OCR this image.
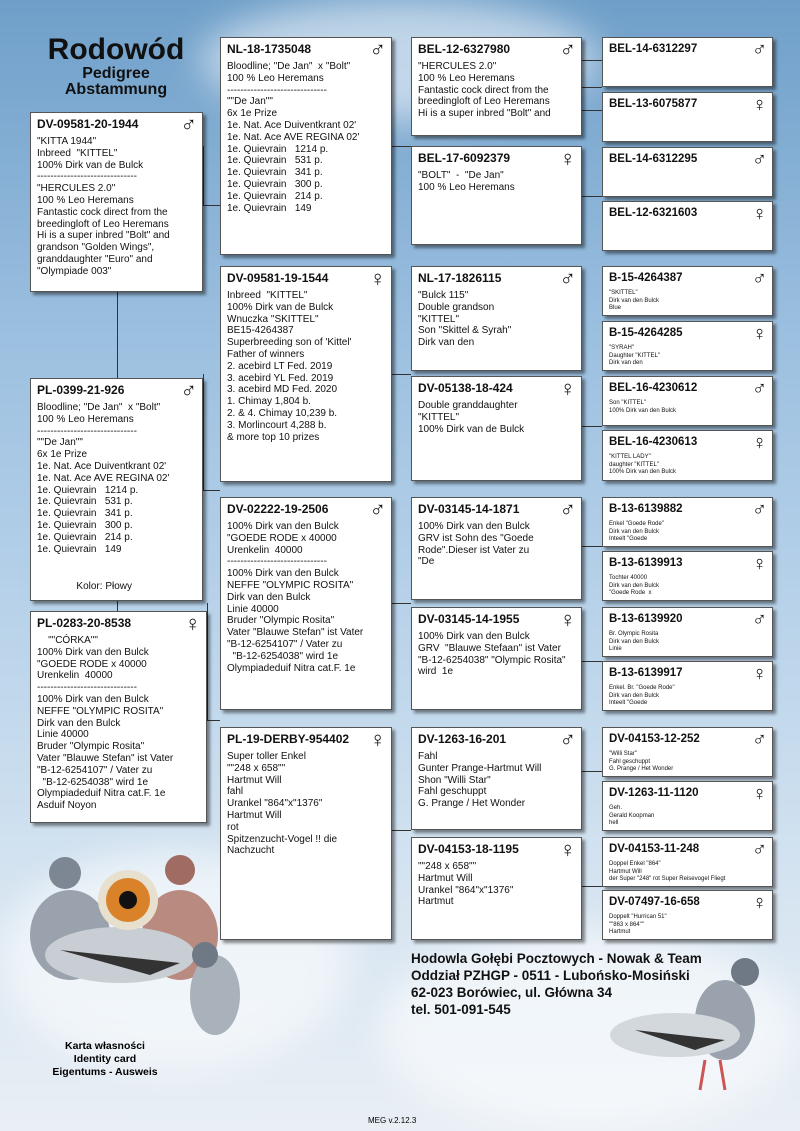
Rodowód
Pedigree
Abstammung
DV-09581-20-1944	♂
"KITTA 1944"
Inbreed  "KITTEL"
100% Dirk van de Bulck
------------------------------
"HERCULES 2.0"
100 % Leo Heremans
Fantastic cock direct from the
breedingloft of Leo Heremans
Hi is a super inbred "Bolt" and
grandson "Golden Wings",
granddaughter "Euro" and
"Olympiade 003"
PL-0399-21-926	♂
Bloodline; "De Jan"  x "Bolt"
100 % Leo Heremans
------------------------------
""De Jan""
6x 1e Prize
1e. Nat. Ace Duiventkrant 02'
1e. Nat. Ace AVE REGINA 02'
1e. Quievrain   1214 p.
1e. Quievrain   531 p.
1e. Quievrain   341 p.
1e. Quievrain   300 p.
1e. Quievrain   214 p.
1e. Quievrain   149
Kolor: Płowy
PL-0283-20-8538	♀
""CÓRKA""
100% Dirk van den Bulck
"GOEDE RODE x 40000
Urenkelin  40000
------------------------------
100% Dirk van den Bulck
NEFFE "OLYMPIC ROSITA"
Dirk van den Bulck
Linie 40000
Bruder "Olympic Rosita"
Vater "Blauwe Stefan" ist Vater
"B-12-6254107" / Vater zu
"B-12-6254038" wird 1e
Olympiadeduif Nitra cat.F. 1e
Asduif Noyon
NL-18-1735048	♂
Bloodline; "De Jan"  x "Bolt"
100 % Leo Heremans
------------------------------
""De Jan""
6x 1e Prize
1e. Nat. Ace Duiventkrant 02'
1e. Nat. Ace AVE REGINA 02'
1e. Quievrain   1214 p.
1e. Quievrain   531 p.
1e. Quievrain   341 p.
1e. Quievrain   300 p.
1e. Quievrain   214 p.
1e. Quievrain   149
DV-09581-19-1544	♀
Inbreed  "KITTEL"
100% Dirk van de Bulck
Wnuczka "SKITTEL"
BE15-4264387
Superbreeding son of 'Kittel'
Father of winners
2. acebird LT Fed. 2019
3. acebird YL Fed. 2019
3. acebird MD Fed. 2020
1. Chimay 1,804 b.
2. & 4. Chimay 10,239 b.
3. Morlincourt 4,288 b.
& more top 10 prizes
DV-02222-19-2506	♂
100% Dirk van den Bulck
"GOEDE RODE x 40000
Urenkelin  40000
------------------------------
100% Dirk van den Bulck
NEFFE "OLYMPIC ROSITA"
Dirk van den Bulck
Linie 40000
Bruder "Olympic Rosita"
Vater "Blauwe Stefan" ist Vater
"B-12-6254107" / Vater zu
"B-12-6254038" wird 1e
Olympiadeduif Nitra cat.F. 1e
PL-19-DERBY-954402 ♀
Super toller Enkel
""248 x 658""
Hartmut Will
fahl
Urankel "864"x"1376"
Hartmut Will
rot
Spitzenzucht-Vogel !! die
Nachzucht
BEL-12-6327980	♂
"HERCULES 2.0"
100 % Leo Heremans
Fantastic cock direct from the
breedingloft of Leo Heremans
Hi is a super inbred "Bolt" and
BEL-17-6092379	♀
"BOLT"  -  "De Jan"
100 % Leo Heremans
NL-17-1826115	♂
"Bulck 115"
Double grandson
"KITTEL"
Son "Skittel & Syrah"
Dirk van den
DV-05138-18-424	♀
Double granddaughter
"KITTEL"
100% Dirk van de Bulck
DV-03145-14-1871	♂
100% Dirk van den Bulck
GRV ist Sohn des "Goede
Rode".Dieser ist Vater zu
"De
DV-03145-14-1955	♀
100% Dirk van den Bulck
GRV  "Blauwe Stefaan" ist Vater
"B-12-6254038" "Olympic Rosita"
wird  1e
DV-1263-16-201	♂
Fahl
Gunter Prange-Hartmut Will
Shon "Willi Star"
Fahl geschuppt
G. Prange / Het Wonder
DV-04153-18-1195	♀
""248 x 658""
Hartmut Will
Urankel "864"x"1376"
Hartmut
BEL-14-6312297	♂
BEL-13-6075877	♀
BEL-14-6312295	♂
BEL-12-6321603	♀
B-15-4264387	♂
"SKITTEL"
Dirk van den Bulck
Blue
B-15-4264285	♀
"SYRAH"
Daughter "KITTEL"
Dirk van den
BEL-16-4230612	♂
Son "KITTEL"
100% Dirk van den Bulck
BEL-16-4230613	♀
"KITTEL LADY"
daughter "KITTEL"
100% Dirk van den Bulck
B-13-6139882	♂
Enkel "Goede Rode"
Dirk van den Bulck
Inteelt "Goede
B-13-6139913	♀
Tochter 40000
Dirk van den Bulck
"Goede Rode  x
B-13-6139920	♂
Br. Olympic Rosita
Dirk van den Bulck
Linie
B-13-6139917	♀
Enkel. Br. "Goede Rode"
Dirk van den Bulck
Inteelt "Goede
DV-04153-12-252	♂
"Willi Star"
Fahl geschuppt
G. Prange / Het Wonder
DV-1263-11-1120	♀
Geh.
Gerald Koopman
hell
DV-04153-11-248	♂
Doppel Enkel "864"
Hartmut Will
der Super "248" rot Super Reisevogel Fliegt
DV-07497-16-658	♀
Doppelt "Hurrican 51"
""863 x 864""
Hartmut
Hodowla Gołębi Pocztowych - Nowak & Team
Oddział PZHGP - 0511 - Lubońsko-Mosiński
62-023 Borówiec, ul. Główna 34
tel. 501-091-545
Karta własności
Identity card
Eigentums - Ausweis
MEG v.2.12.3
